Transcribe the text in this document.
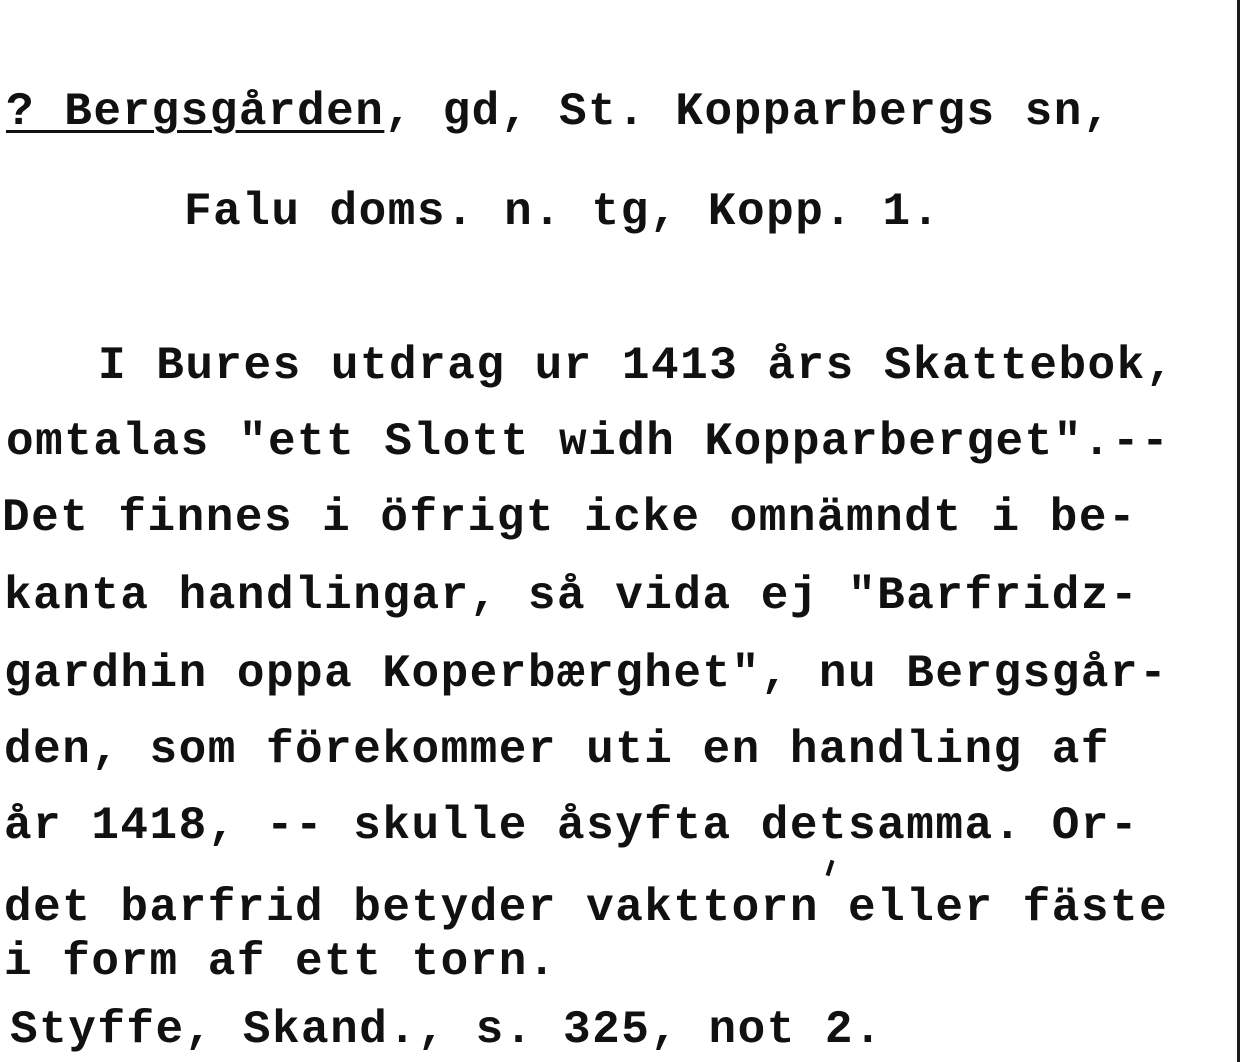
? Bergsgården, gd, St. Kopparbergs sn,
Falu doms. n. tg, Kopp. 1.
I Bures utdrag ur 1413 års Skattebok,
omtalas "ett Slott widh Kopparberget".--
Det finnes i öfrigt icke omnämndt i be-
kanta handlingar, så vida ej "Barfridz-
gardhin oppa Koperbærghet", nu Bergsgår-
den, som förekommer uti en handling af
år 1418, -- skulle åsyfta detsamma. Or-
det barfrid betyder vakttorn eller fäste
i form af ett torn.
Styffe, Skand., s. 325, not 2.
